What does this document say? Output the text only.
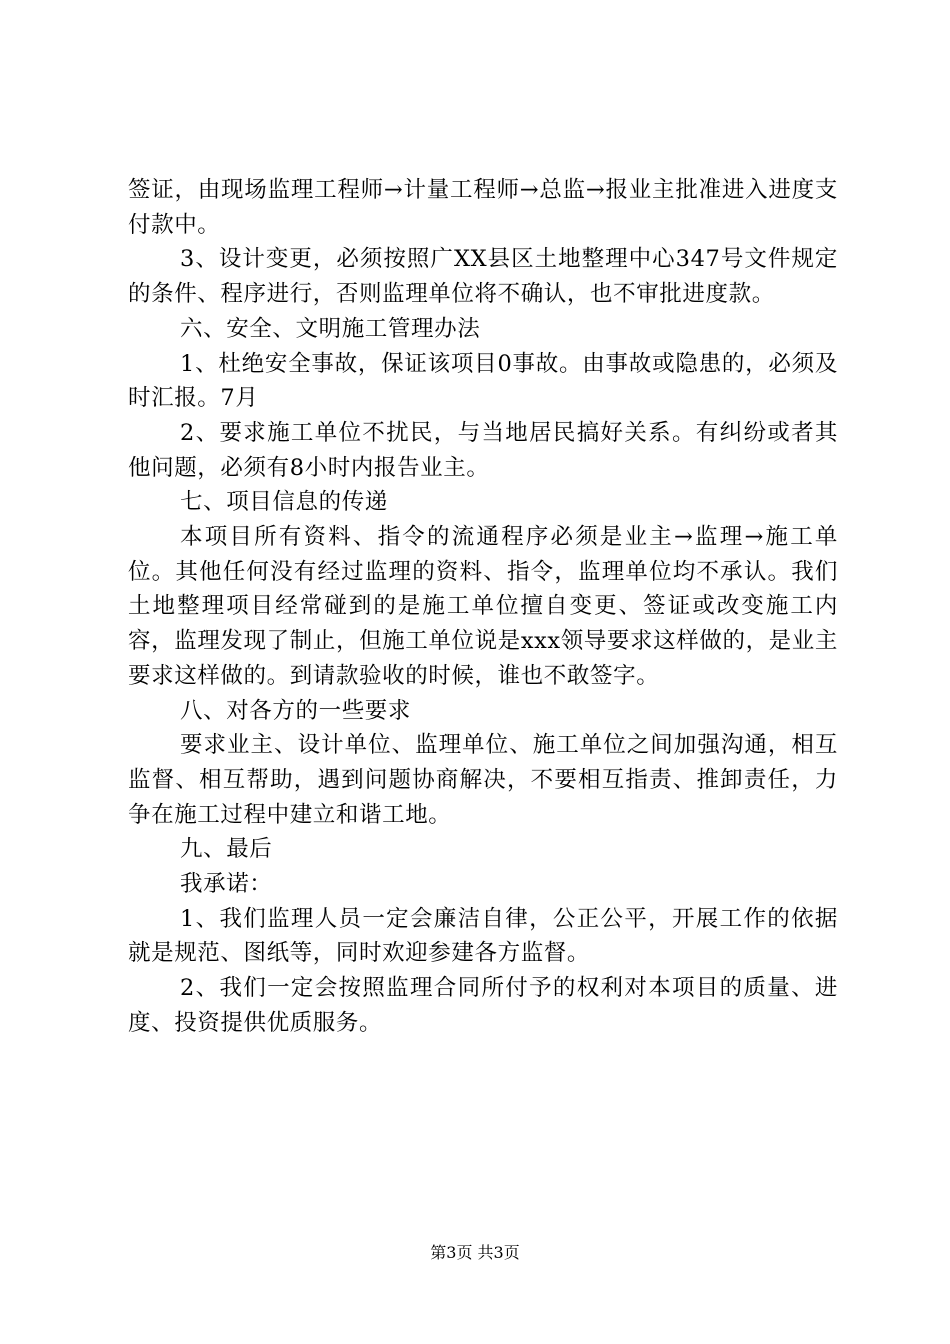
签证，由现场监理工程师→计量工程师→总监→报业主批准进入进度支付款中。

3、设计变更，必须按照广XX县区土地整理中心347号文件规定的条件、程序进行，否则监理单位将不确认，也不审批进度款。

六、安全、文明施工管理办法

1、杜绝安全事故，保证该项目0事故。由事故或隐患的，必须及时汇报。7月

2、要求施工单位不扰民，与当地居民搞好关系。有纠纷或者其他问题，必须有8小时内报告业主。

七、项目信息的传递

本项目所有资料、指令的流通程序必须是业主→监理→施工单位。其他任何没有经过监理的资料、指令，监理单位均不承认。我们土地整理项目经常碰到的是施工单位擅自变更、签证或改变施工内容，监理发现了制止，但施工单位说是xxx领导要求这样做的，是业主要求这样做的。到请款验收的时候，谁也不敢签字。

八、对各方的一些要求

要求业主、设计单位、监理单位、施工单位之间加强沟通，相互监督、相互帮助，遇到问题协商解决，不要相互指责、推卸责任，力争在施工过程中建立和谐工地。

九、最后

我承诺：

1、我们监理人员一定会廉洁自律，公正公平，开展工作的依据就是规范、图纸等，同时欢迎参建各方监督。

2、我们一定会按照监理合同所付予的权利对本项目的质量、进度、投资提供优质服务。

第3页 共3页
